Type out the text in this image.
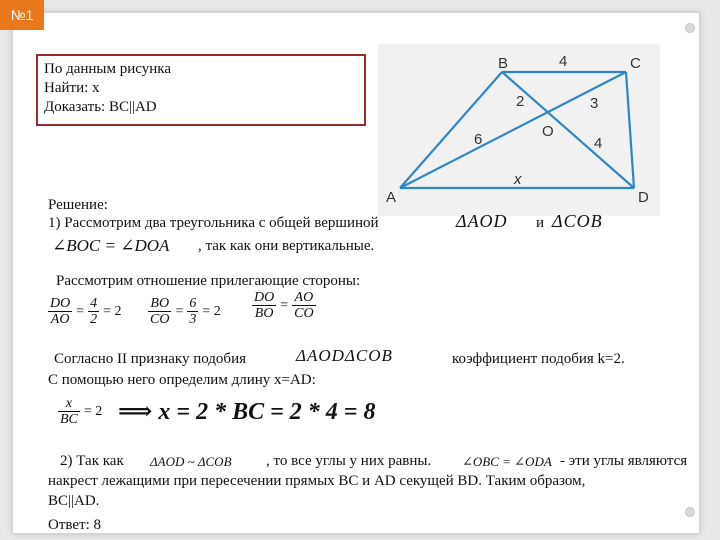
№1
По данным рисунка
Найти: x
Доказать: BC||AD
B	C
A	D
O
4
2	3
6	4
x
Решение:
1) Рассмотрим два треугольника с общей вершиной	ΔAOD и ΔCOB
∠BOC = ∠DOA , так как они вертикальные.
Рассмотрим отношение прилегающие стороны:
$\frac{DO}{AO} = \frac{4}{2} = 2 \frac{BO}{CO} = \frac{6}{3} = 2 \frac{DO}{BO} = \frac{AO}{CO}$
Согласно II признаку подобия	ΔAODΔCOB	коэффициент подобия k=2.
С помощью него определим длину x=AD:
$\frac{x}{BC} = 2$ ⟹ x = 2 * BC = 2 * 4 = 8
2) Так как ΔAOD ~ ΔCOB , то все углы у них равны. ∠OBC = ∠ODA - эти углы являются
накрест лежащими при пересечении прямых BC и AD секущей BD. Таким образом,
BC||AD.
Ответ: 8
